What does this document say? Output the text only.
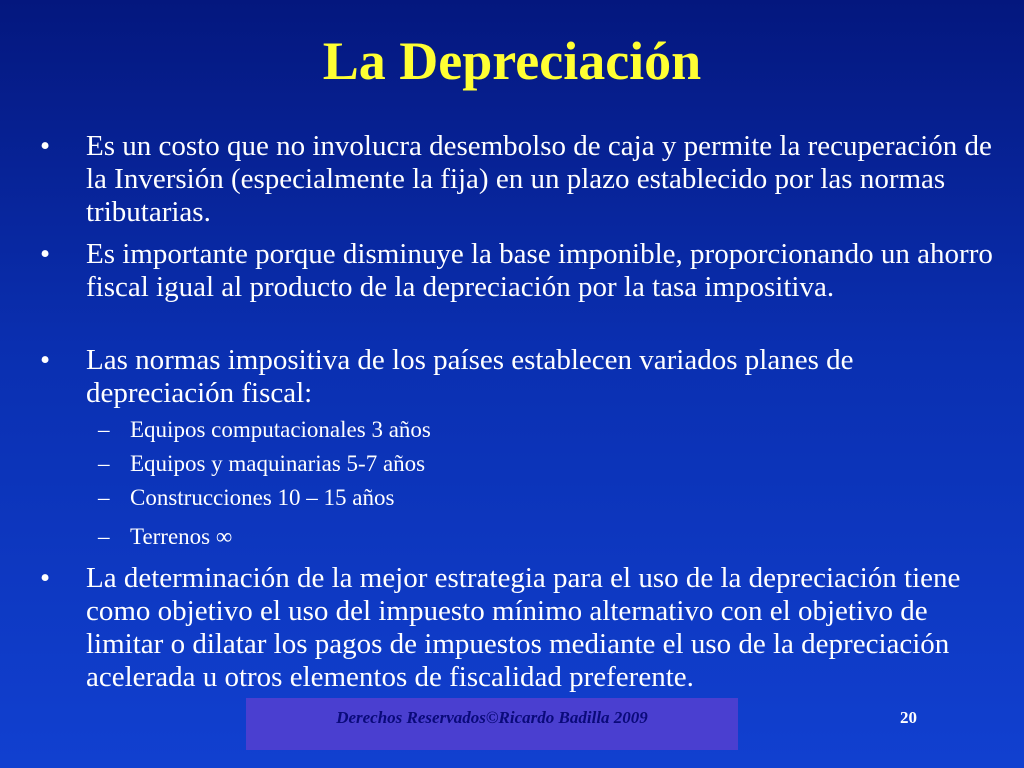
La Depreciación
• Es un costo que no involucra desembolso de caja y permite la recuperación de la Inversión (especialmente la fija) en un plazo establecido por las normas tributarias.
• Es importante porque disminuye la base imponible, proporcionando un ahorro fiscal igual al producto de la depreciación por la tasa impositiva.
• Las normas impositiva de los países establecen variados planes de depreciación fiscal:
– Equipos computacionales 3 años
– Equipos y maquinarias 5-7 años
– Construcciones 10 – 15 años
– Terrenos ∞
• La determinación de la mejor estrategia para el uso de la depreciación tiene como objetivo el uso del impuesto mínimo alternativo con el objetivo de limitar o dilatar los pagos de impuestos mediante el uso de la depreciación acelerada u otros elementos de fiscalidad preferente.
Derechos Reservados©Ricardo Badilla 2009	20
